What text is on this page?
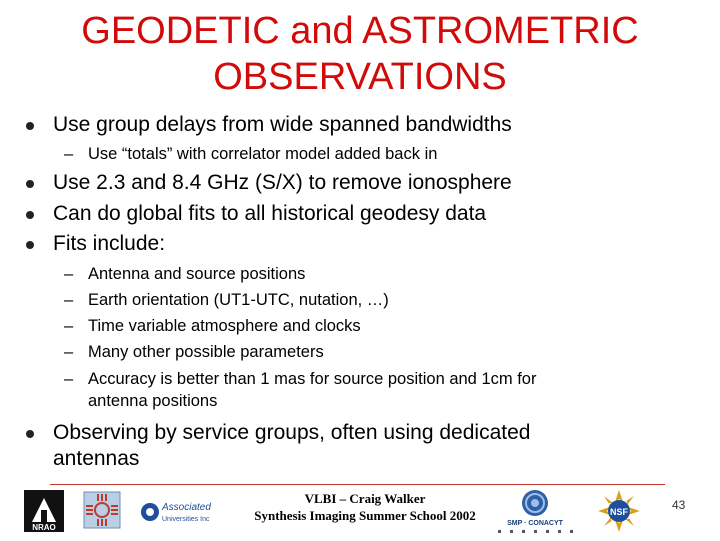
GEODETIC and ASTROMETRIC
OBSERVATIONS
Use group delays from wide spanned bandwidths
– Use “totals” with correlator model added back in
Use 2.3 and 8.4 GHz (S/X) to remove ionosphere
Can do global fits to all historical geodesy data
Fits include:
– Antenna and source positions
– Earth orientation (UT1-UTC, nutation, …)
– Time variable atmosphere and clocks
– Many other possible parameters
– Accuracy is better than 1 mas for source position and 1cm for
antenna positions
Observing by service groups, often using dedicated
antennas
NRAO
Associated
Universities Inc
VLBI – Craig Walker
Synthesis Imaging Summer School 2002
SMP · CONACYT
NSF	43
